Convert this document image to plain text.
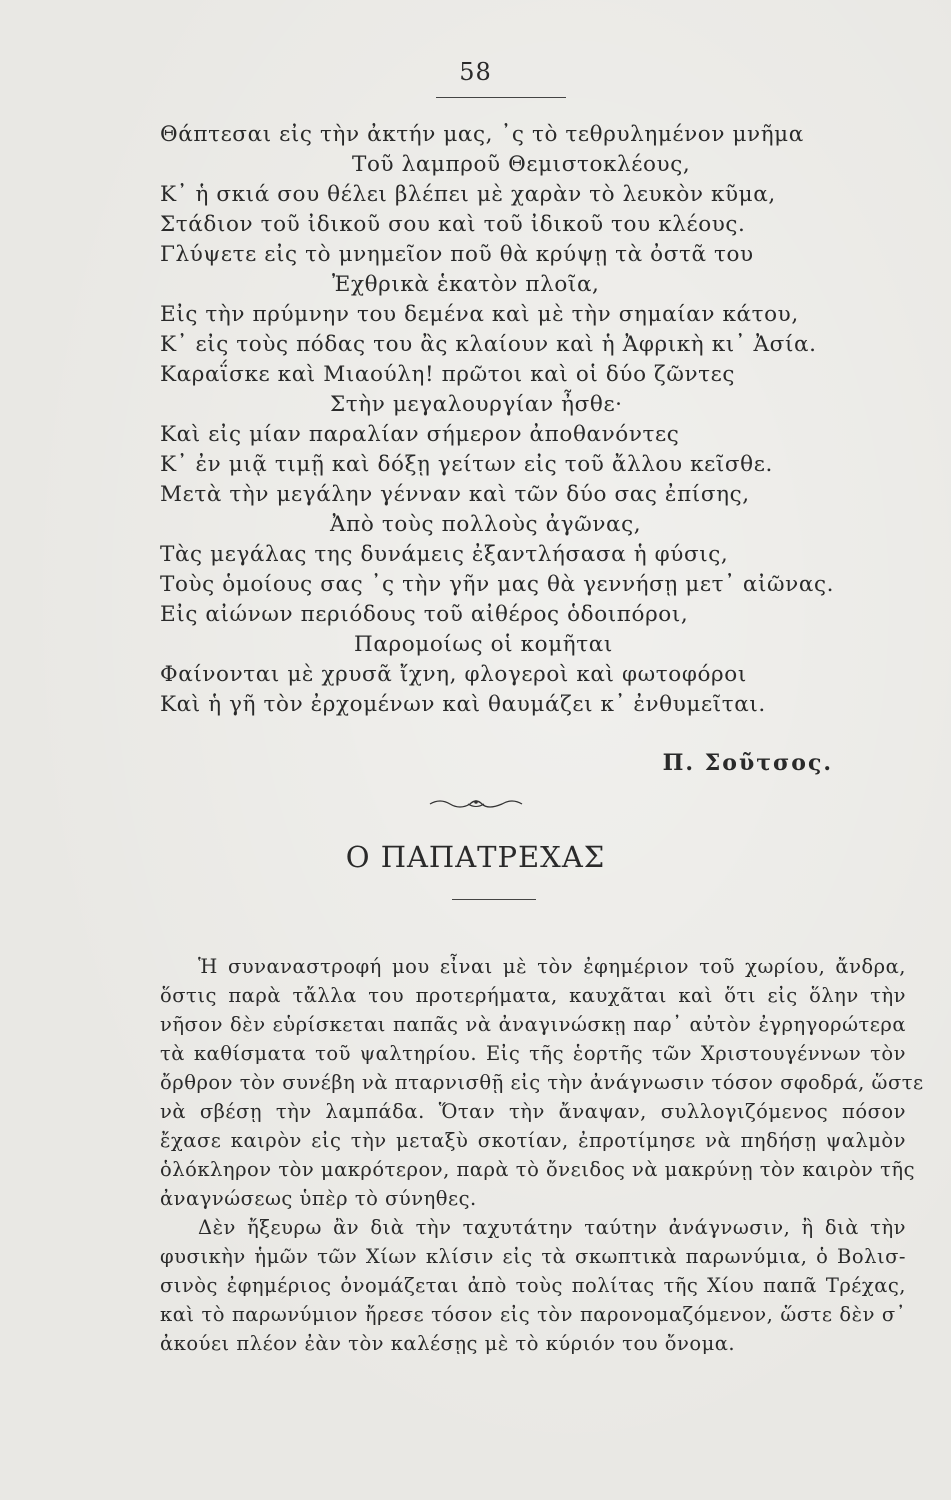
58
Θάπτεσαι εἰς τὴν ἀκτήν μας, ᾽ς τὸ τεθρυλημένον μνῆμα
Τοῦ λαμπροῦ Θεμιστοκλέους,
Κ᾽ ἡ σκιά σου θέλει βλέπει μὲ χαρὰν τὸ λευκὸν κῦμα,
Στάδιον τοῦ ἰδικοῦ σου καὶ τοῦ ἰδικοῦ του κλέους.
Γλύψετε εἰς τὸ μνημεῖον ποῦ θὰ κρύψῃ τὰ ὀστᾶ του
Ἐχθρικὰ ἑκατὸν πλοῖα,
Εἰς τὴν πρύμνην του δεμένα καὶ μὲ τὴν σημαίαν κάτου,
Κ᾽ εἰς τοὺς πόδας του ἂς κλαίουν καὶ ἡ Ἀφρικὴ κι᾽ Ἀσία.
Καραΐσκε καὶ Μιαούλη! πρῶτοι καὶ οἱ δύο ζῶντες
Στὴν μεγαλουργίαν ἦσθε·
Καὶ εἰς μίαν παραλίαν σήμερον ἀποθανόντες
Κ᾽ ἐν μιᾷ τιμῇ καὶ δόξῃ γείτων εἰς τοῦ ἄλλου κεῖσθε.
Μετὰ τὴν μεγάλην γένναν καὶ τῶν δύο σας ἐπίσης,
Ἀπὸ τοὺς πολλοὺς ἀγῶνας,
Τὰς μεγάλας της δυνάμεις ἐξαντλήσασα ἡ φύσις,
Τοὺς ὁμοίους σας ᾽ς τὴν γῆν μας θὰ γεννήσῃ μετ᾽ αἰῶνας.
Εἰς αἰώνων περιόδους τοῦ αἰθέρος ὁδοιπόροι,
Παρομοίως οἱ κομῆται
Φαίνονται μὲ χρυσᾶ ἴχνη, φλογεροὶ καὶ φωτοφόροι
Καὶ ἡ γῆ τὸν ἐρχομένων καὶ θαυμάζει κ᾽ ἐνθυμεῖται.
Π. Σοῦτσος.
Ο ΠΑΠΑΤΡΕΧΑΣ
Ἡ συναναστροφή μου εἶναι μὲ τὸν ἐφημέριον τοῦ χωρίου, ἄνδρα,
ὅστις παρὰ τἄλλα του προτερήματα, καυχᾶται καὶ ὅτι εἰς ὅλην τὴν
νῆσον δὲν εὑρίσκεται παπᾶς νὰ ἀναγινώσκῃ παρ᾽ αὐτὸν ἐγρηγορώτερα
τὰ καθίσματα τοῦ ψαλτηρίου. Εἰς τῆς ἑορτῆς τῶν Χριστουγέννων τὸν
ὄρθρον τὸν συνέβη νὰ πταρνισθῇ εἰς τὴν ἀνάγνωσιν τόσον σφοδρά, ὥστε
νὰ σβέσῃ τὴν λαμπάδα. Ὅταν τὴν ἄναψαν, συλλογιζόμενος πόσον
ἔχασε καιρὸν εἰς τὴν μεταξὺ σκοτίαν, ἐπροτίμησε νὰ πηδήσῃ ψαλμὸν
ὁλόκληρον τὸν μακρότερον, παρὰ τὸ ὄνειδος νὰ μακρύνῃ τὸν καιρὸν τῆς
ἀναγνώσεως ὑπὲρ τὸ σύνηθες.
Δὲν ἤξευρω ἂν διὰ τὴν ταχυτάτην ταύτην ἀνάγνωσιν, ἢ διὰ τὴν
φυσικὴν ἡμῶν τῶν Χίων κλίσιν εἰς τὰ σκωπτικὰ παρωνύμια, ὁ Βολισ-
σινὸς ἐφημέριος ὀνομάζεται ἀπὸ τοὺς πολίτας τῆς Χίου παπᾶ Τρέχας,
καὶ τὸ παρωνύμιον ἤρεσε τόσον εἰς τὸν παρονομαζόμενον, ὥστε δὲν σ᾽
ἀκούει πλέον ἐὰν τὸν καλέσῃς μὲ τὸ κύριόν του ὄνομα.
